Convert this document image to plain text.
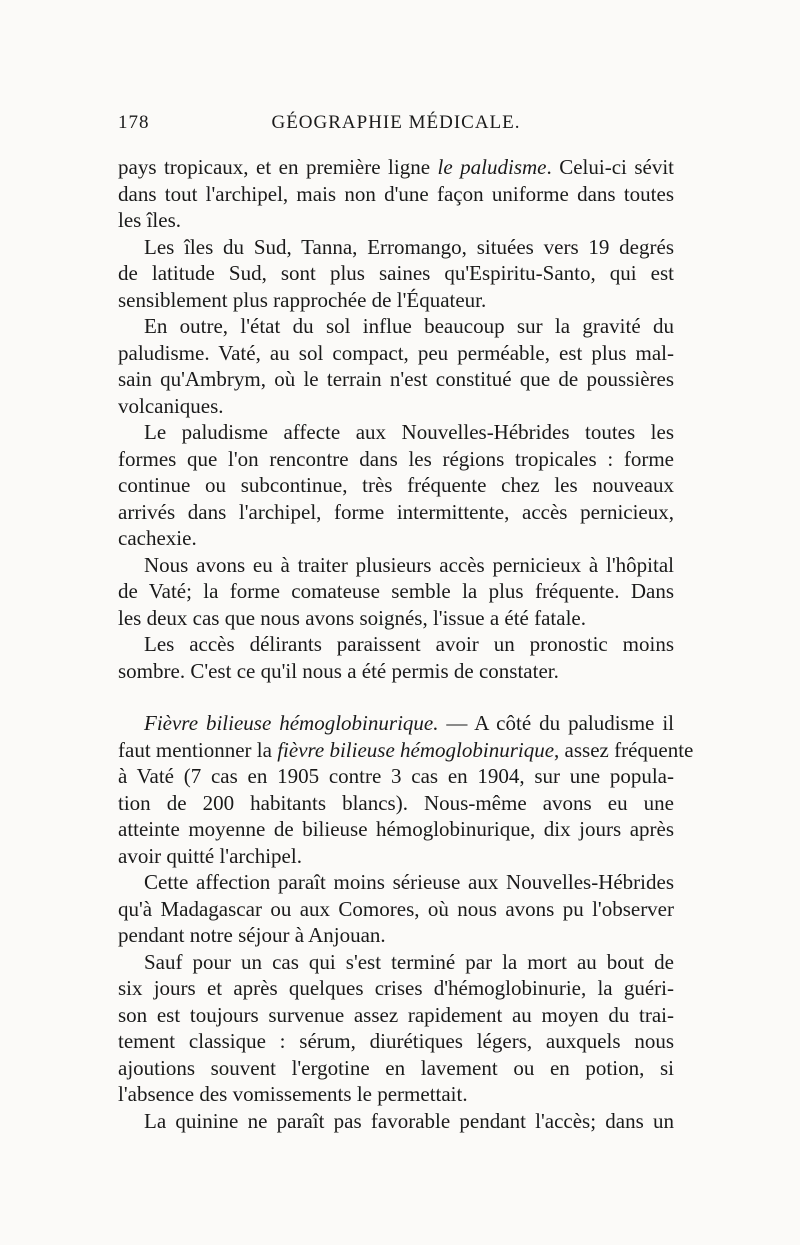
178	GÉOGRAPHIE MÉDICALE.
pays tropicaux, et en première ligne le paludisme. Celui-ci sévit
dans tout l'archipel, mais non d'une façon uniforme dans toutes
les îles.
Les îles du Sud, Tanna, Erromango, situées vers 19 degrés
de latitude Sud, sont plus saines qu'Espiritu-Santo, qui est
sensiblement plus rapprochée de l'Équateur.
En outre, l'état du sol influe beaucoup sur la gravité du
paludisme. Vaté, au sol compact, peu perméable, est plus mal-
sain qu'Ambrym, où le terrain n'est constitué que de poussières
volcaniques.
Le paludisme affecte aux Nouvelles-Hébrides toutes les
formes que l'on rencontre dans les régions tropicales : forme
continue ou subcontinue, très fréquente chez les nouveaux
arrivés dans l'archipel, forme intermittente, accès pernicieux,
cachexie.
Nous avons eu à traiter plusieurs accès pernicieux à l'hôpital
de Vaté; la forme comateuse semble la plus fréquente. Dans
les deux cas que nous avons soignés, l'issue a été fatale.
Les accès délirants paraissent avoir un pronostic moins
sombre. C'est ce qu'il nous a été permis de constater.
Fièvre bilieuse hémoglobinurique. — A côté du paludisme il
faut mentionner la fièvre bilieuse hémoglobinurique, assez fréquente
à Vaté (7 cas en 1905 contre 3 cas en 1904, sur une popula-
tion de 200 habitants blancs). Nous-même avons eu une
atteinte moyenne de bilieuse hémoglobinurique, dix jours après
avoir quitté l'archipel.
Cette affection paraît moins sérieuse aux Nouvelles-Hébrides
qu'à Madagascar ou aux Comores, où nous avons pu l'observer
pendant notre séjour à Anjouan.
Sauf pour un cas qui s'est terminé par la mort au bout de
six jours et après quelques crises d'hémoglobinurie, la guéri-
son est toujours survenue assez rapidement au moyen du trai-
tement classique : sérum, diurétiques légers, auxquels nous
ajoutions souvent l'ergotine en lavement ou en potion, si
l'absence des vomissements le permettait.
La quinine ne paraît pas favorable pendant l'accès; dans un
